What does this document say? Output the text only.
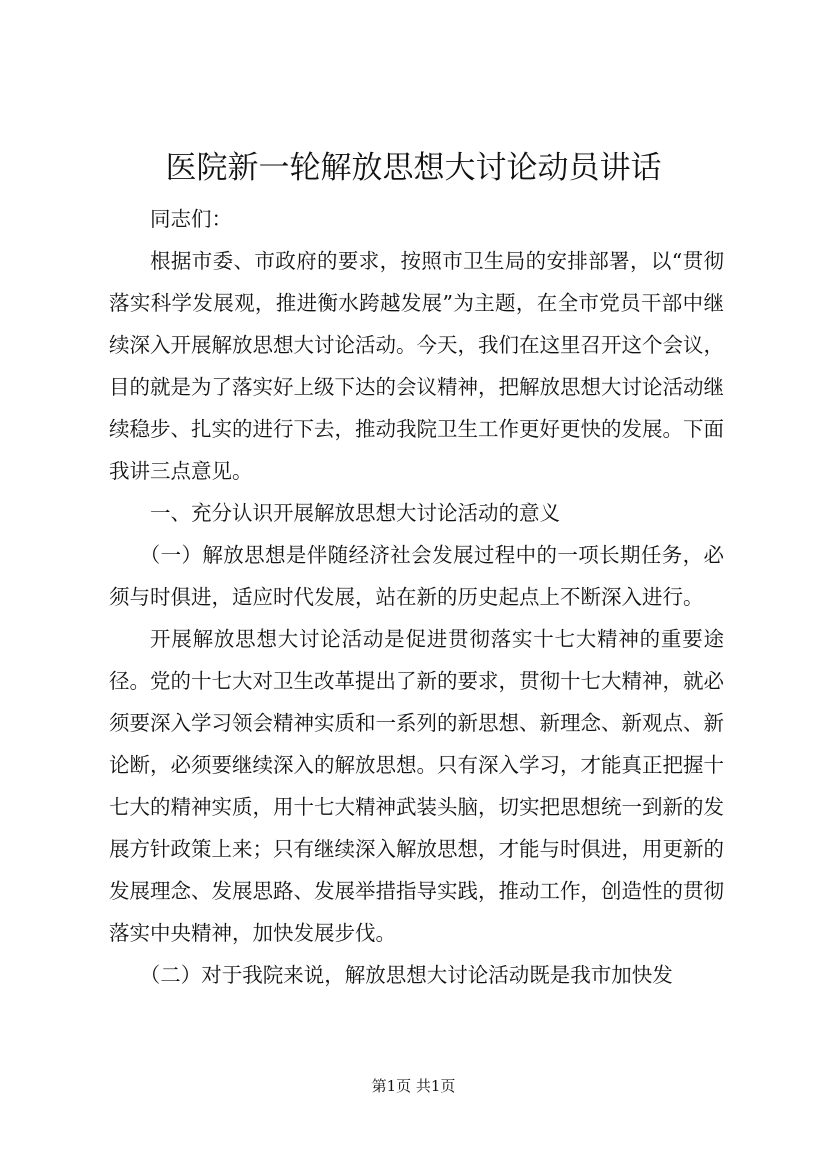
医院新一轮解放思想大讨论动员讲话

同志们：

根据市委、市政府的要求，按照市卫生局的安排部署，以“贯彻落实科学发展观，推进衡水跨越发展”为主题，在全市党员干部中继续深入开展解放思想大讨论活动。今天，我们在这里召开这个会议，目的就是为了落实好上级下达的会议精神，把解放思想大讨论活动继续稳步、扎实的进行下去，推动我院卫生工作更好更快的发展。下面我讲三点意见。

一、充分认识开展解放思想大讨论活动的意义

（一）解放思想是伴随经济社会发展过程中的一项长期任务，必须与时俱进，适应时代发展，站在新的历史起点上不断深入进行。

开展解放思想大讨论活动是促进贯彻落实十七大精神的重要途径。党的十七大对卫生改革提出了新的要求，贯彻十七大精神，就必须要深入学习领会精神实质和一系列的新思想、新理念、新观点、新论断，必须要继续深入的解放思想。只有深入学习，才能真正把握十七大的精神实质，用十七大精神武装头脑，切实把思想统一到新的发展方针政策上来；只有继续深入解放思想，才能与时俱进，用更新的发展理念、发展思路、发展举措指导实践，推动工作，创造性的贯彻落实中央精神，加快发展步伐。

（二）对于我院来说，解放思想大讨论活动既是我市加快发

第1页 共1页
